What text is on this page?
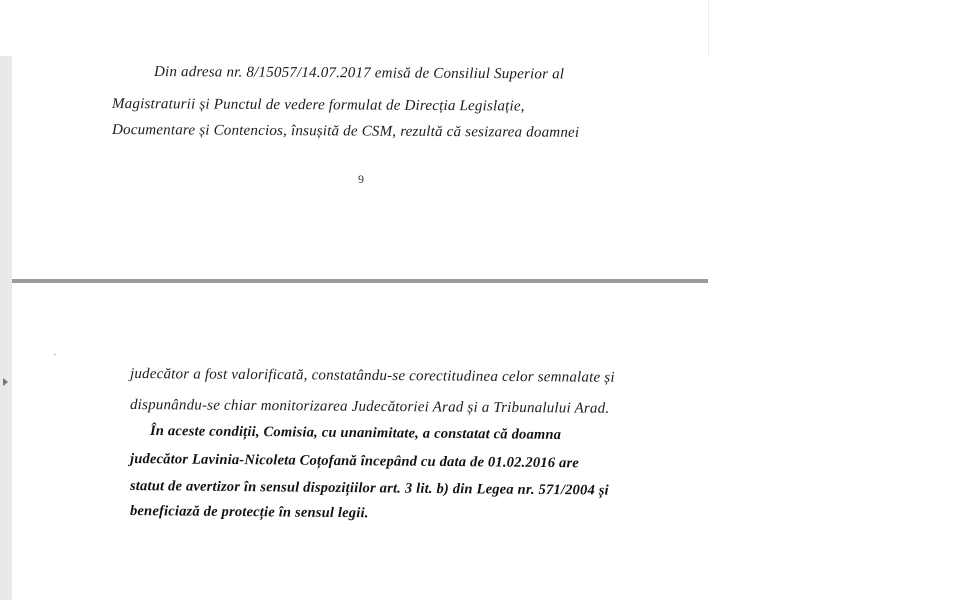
Din adresa nr. 8/15057/14.07.2017 emisă de Consiliul Superior al
Magistraturii și Punctul de vedere formulat de Direcția Legislație,
Documentare și Contencios, însușită de CSM, rezultă că sesizarea doamnei
9
judecător a fost valorificată, constatându-se corectitudinea celor semnalate și
dispunându-se chiar monitorizarea Judecătoriei Arad și a Tribunalului Arad.
În aceste condiții, Comisia, cu unanimitate, a constatat că doamna
judecător Lavinia-Nicoleta Coțofană începând cu data de 01.02.2016 are
statut de avertizor în sensul dispozițiilor art. 3 lit. b) din Legea nr. 571/2004 și
beneficiază de protecție în sensul legii.
